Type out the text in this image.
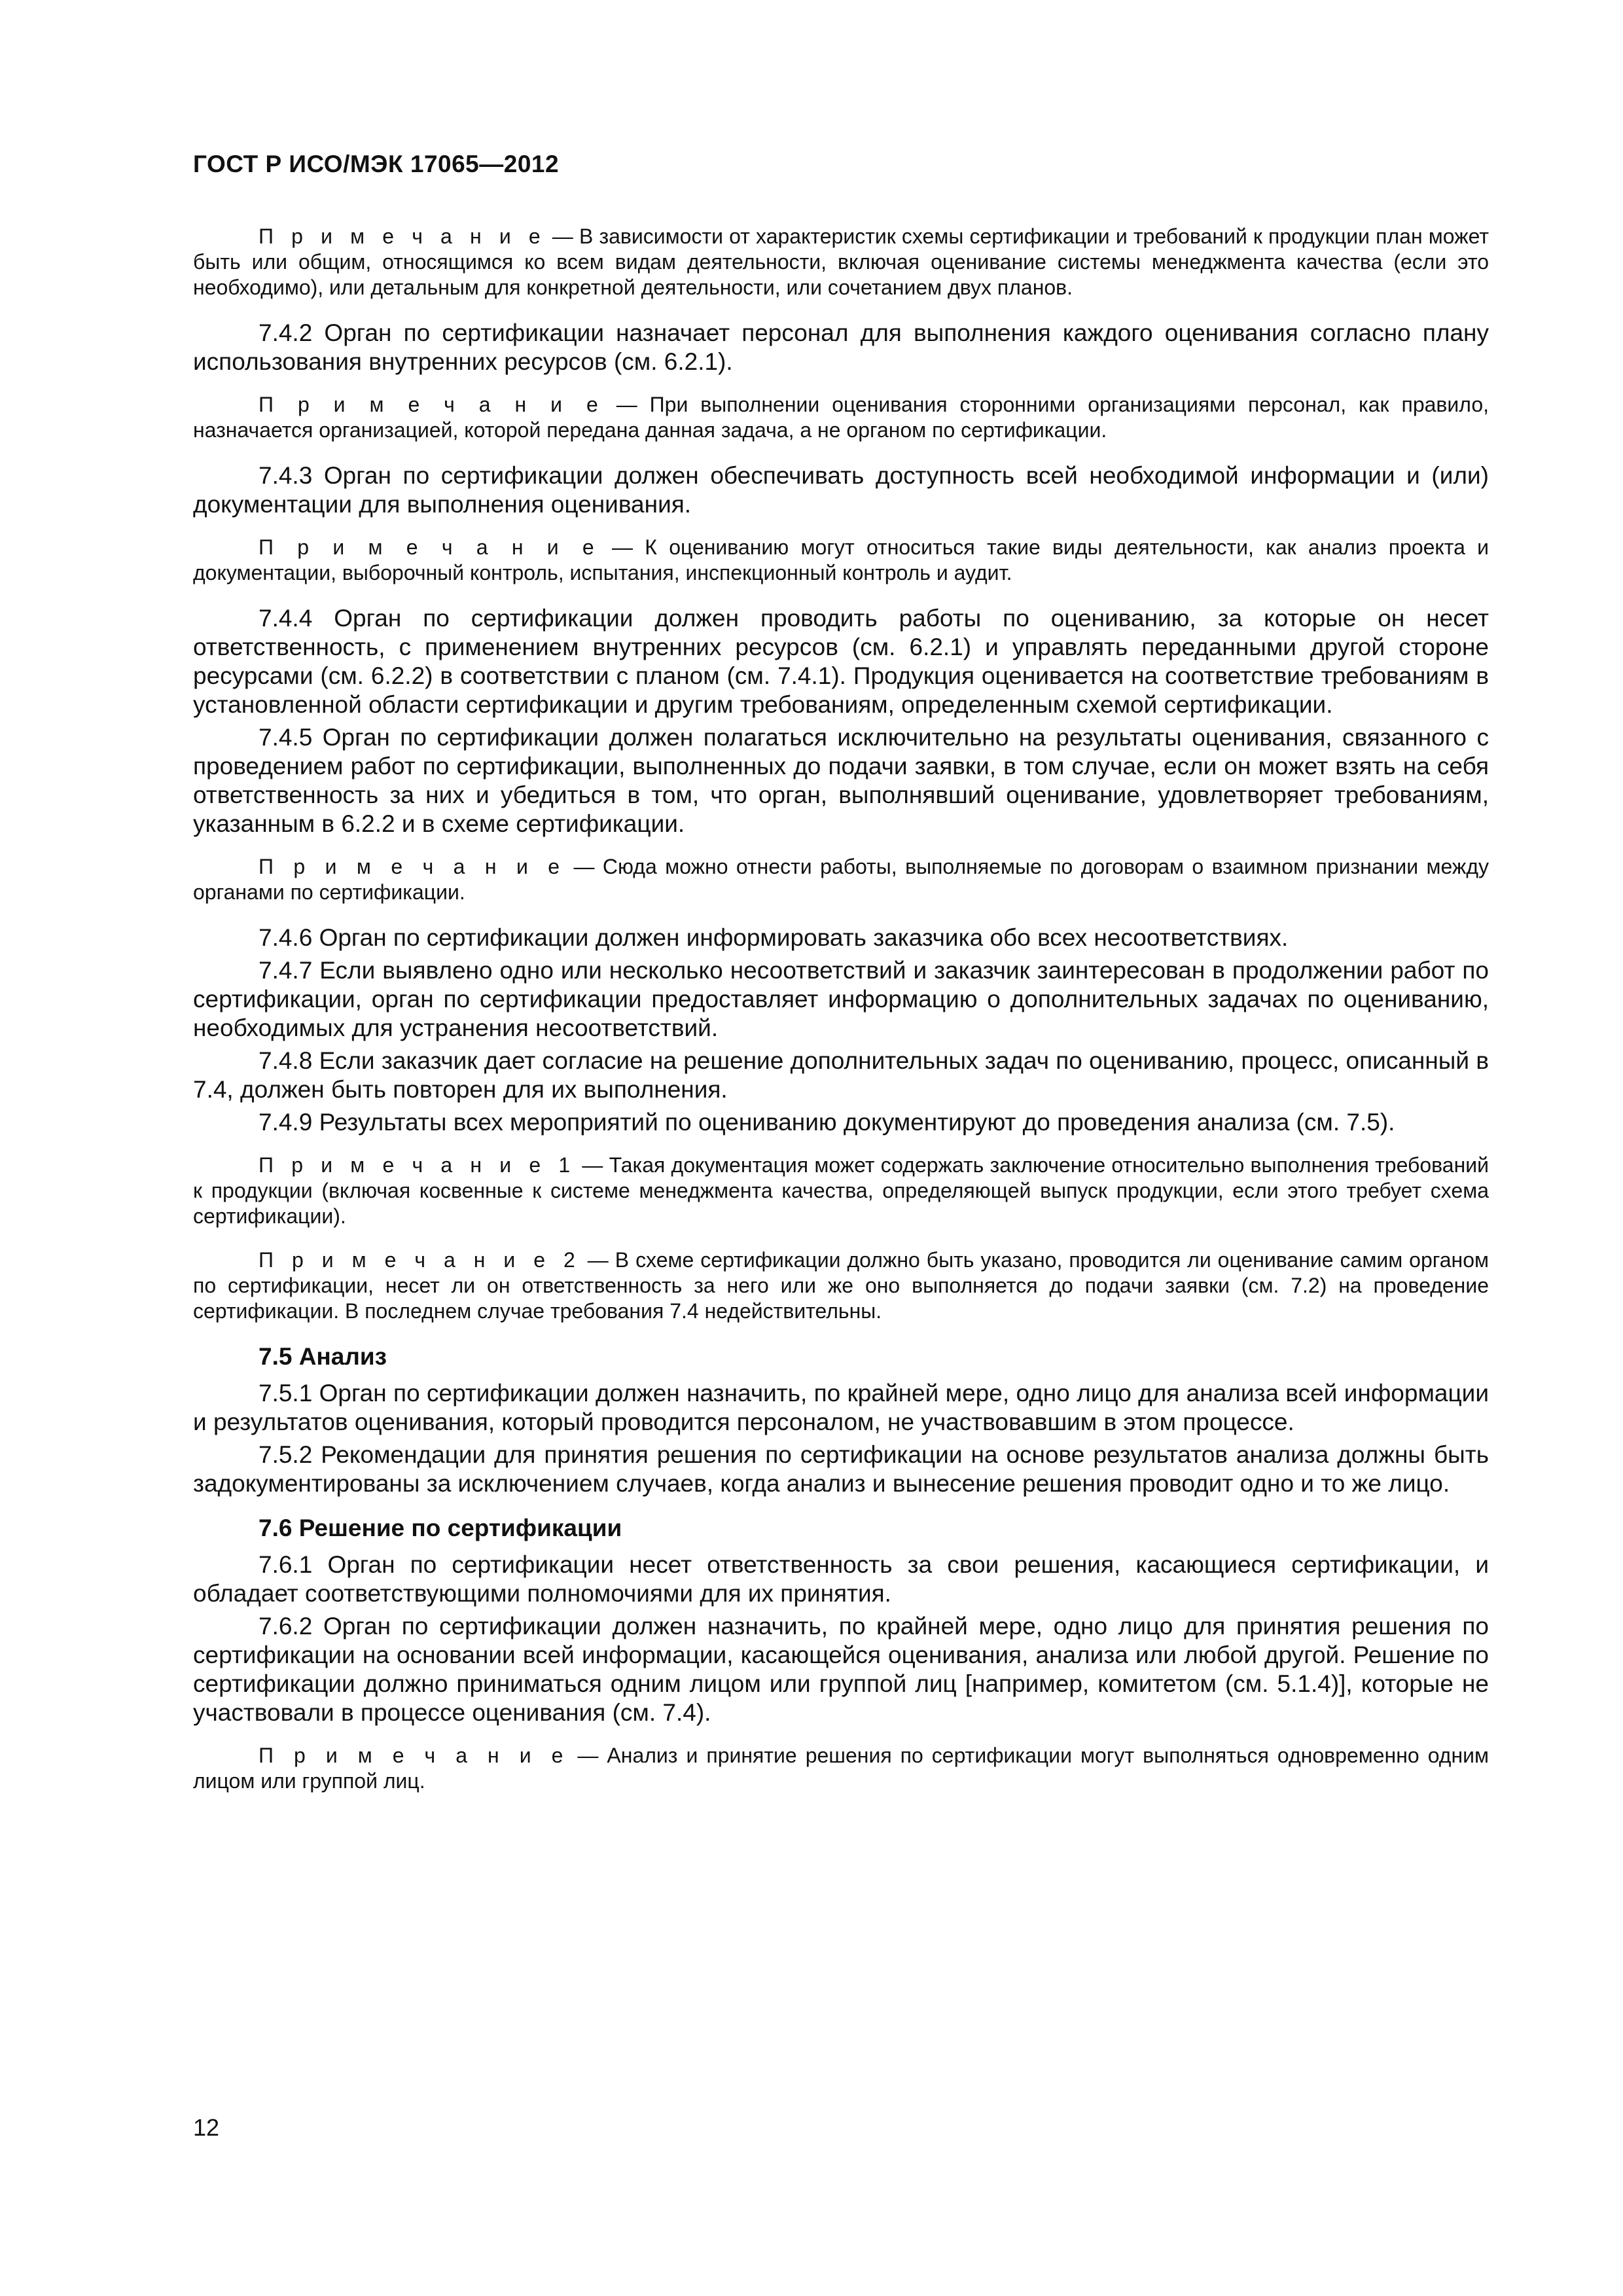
ГОСТ Р ИСО/МЭК 17065—2012

П р и м е ч а н и е — В зависимости от характеристик схемы сертификации и требований к продукции план может быть или общим, относящимся ко всем видам деятельности, включая оценивание системы менеджмента качества (если это необходимо), или детальным для конкретной деятельности, или сочетанием двух планов.

7.4.2 Орган по сертификации назначает персонал для выполнения каждого оценивания согласно плану использования внутренних ресурсов (см. 6.2.1).

П р и м е ч а н и е — При выполнении оценивания сторонними организациями персонал, как правило, назначается организацией, которой передана данная задача, а не органом по сертификации.

7.4.3 Орган по сертификации должен обеспечивать доступность всей необходимой информации и (или) документации для выполнения оценивания.

П р и м е ч а н и е — К оцениванию могут относиться такие виды деятельности, как анализ проекта и документации, выборочный контроль, испытания, инспекционный контроль и аудит.

7.4.4 Орган по сертификации должен проводить работы по оцениванию, за которые он несет ответственность, с применением внутренних ресурсов (см. 6.2.1) и управлять переданными другой стороне ресурсами (см. 6.2.2) в соответствии с планом (см. 7.4.1). Продукция оценивается на соответствие требованиям в установленной области сертификации и другим требованиям, определенным схемой сертификации.

7.4.5 Орган по сертификации должен полагаться исключительно на результаты оценивания, связанного с проведением работ по сертификации, выполненных до подачи заявки, в том случае, если он может взять на себя ответственность за них и убедиться в том, что орган, выполнявший оценивание, удовлетворяет требованиям, указанным в 6.2.2 и в схеме сертификации.

П р и м е ч а н и е — Сюда можно отнести работы, выполняемые по договорам о взаимном признании между органами по сертификации.

7.4.6 Орган по сертификации должен информировать заказчика обо всех несоответствиях.

7.4.7 Если выявлено одно или несколько несоответствий и заказчик заинтересован в продолжении работ по сертификации, орган по сертификации предоставляет информацию о дополнительных задачах по оцениванию, необходимых для устранения несоответствий.

7.4.8 Если заказчик дает согласие на решение дополнительных задач по оцениванию, процесс, описанный в 7.4, должен быть повторен для их выполнения.

7.4.9 Результаты всех мероприятий по оцениванию документируют до проведения анализа (см. 7.5).

П р и м е ч а н и е 1 — Такая документация может содержать заключение относительно выполнения требований к продукции (включая косвенные к системе менеджмента качества, определяющей выпуск продукции, если этого требует схема сертификации).

П р и м е ч а н и е 2 — В схеме сертификации должно быть указано, проводится ли оценивание самим органом по сертификации, несет ли он ответственность за него или же оно выполняется до подачи заявки (см. 7.2) на проведение сертификации. В последнем случае требования 7.4 недействительны.

7.5 Анализ

7.5.1 Орган по сертификации должен назначить, по крайней мере, одно лицо для анализа всей информации и результатов оценивания, который проводится персоналом, не участвовавшим в этом процессе.

7.5.2 Рекомендации для принятия решения по сертификации на основе результатов анализа должны быть задокументированы за исключением случаев, когда анализ и вынесение решения проводит одно и то же лицо.

7.6 Решение по сертификации

7.6.1 Орган по сертификации несет ответственность за свои решения, касающиеся сертификации, и обладает соответствующими полномочиями для их принятия.

7.6.2 Орган по сертификации должен назначить, по крайней мере, одно лицо для принятия решения по сертификации на основании всей информации, касающейся оценивания, анализа или любой другой. Решение по сертификации должно приниматься одним лицом или группой лиц [например, комитетом (см. 5.1.4)], которые не участвовали в процессе оценивания (см. 7.4).

П р и м е ч а н и е — Анализ и принятие решения по сертификации могут выполняться одновременно одним лицом или группой лиц.

12
